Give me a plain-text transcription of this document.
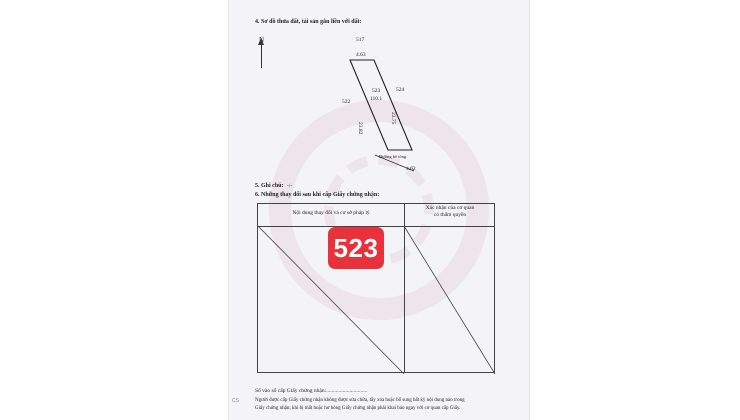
4. Sơ đồ thửa đất, tài sản gắn liền với đất:
517
524
522
4.63
523
110.1
23.82
23.75
Đường bê tông
4.62
5. Ghi chú: -/-
6. Những thay đổi sau khi cấp Giấy chứng nhận:
Nội dung thay đổi và cơ sở pháp lý
Xác nhận của cơ quan
có thẩm quyền
Số vào sổ cấp Giấy chứng nhận:..............................
Người được cấp Giấy chứng nhận không được sửa chữa, tẩy xóa hoặc bổ sung bất kỳ nội dung nào trong
Giấy chứng nhận; khi bị mất hoặc hư hỏng Giấy chứng nhận phải khai báo ngay với cơ quan cấp Giấy.
523
CS
